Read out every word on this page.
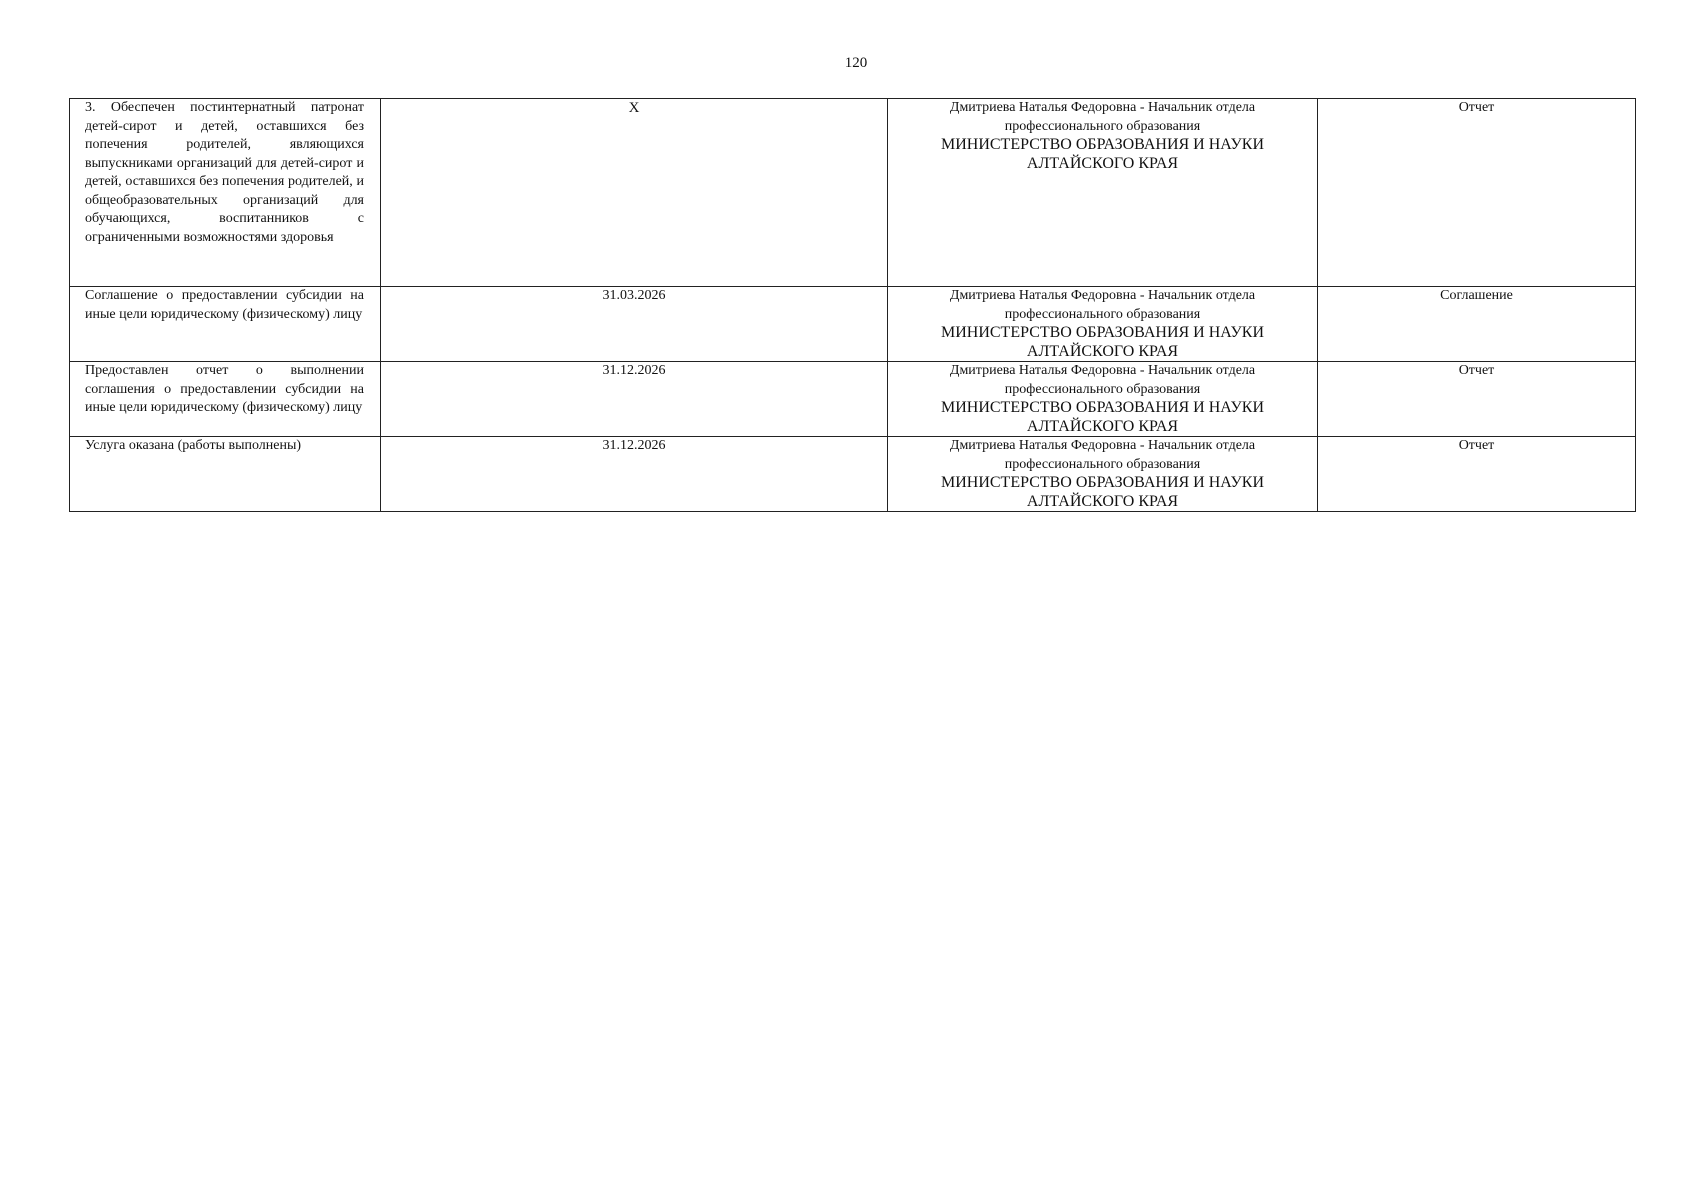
120
3. Обеспечен постинтернатный патронат детей-сирот и детей, оставшихся без попечения родителей, являющихся выпускниками организаций для детей-сирот и детей, оставшихся без попечения родителей, и общеобразовательных организаций для обучающихся, воспитанников с ограниченными возможностями здоровья	X	Дмитриева Наталья Федоровна - Начальник отдела профессионального образования
МИНИСТЕРСТВО ОБРАЗОВАНИЯ И НАУКИ АЛТАЙСКОГО КРАЯ	Отчет
Соглашение о предоставлении субсидии на иные цели юридическому (физическому) лицу	31.03.2026	Дмитриева Наталья Федоровна - Начальник отдела профессионального образования
МИНИСТЕРСТВО ОБРАЗОВАНИЯ И НАУКИ АЛТАЙСКОГО КРАЯ	Соглашение
Предоставлен отчет о выполнении соглашения о предоставлении субсидии на иные цели юридическому (физическому) лицу	31.12.2026	Дмитриева Наталья Федоровна - Начальник отдела профессионального образования
МИНИСТЕРСТВО ОБРАЗОВАНИЯ И НАУКИ АЛТАЙСКОГО КРАЯ	Отчет
Услуга оказана (работы выполнены)	31.12.2026	Дмитриева Наталья Федоровна - Начальник отдела профессионального образования
МИНИСТЕРСТВО ОБРАЗОВАНИЯ И НАУКИ АЛТАЙСКОГО КРАЯ	Отчет
